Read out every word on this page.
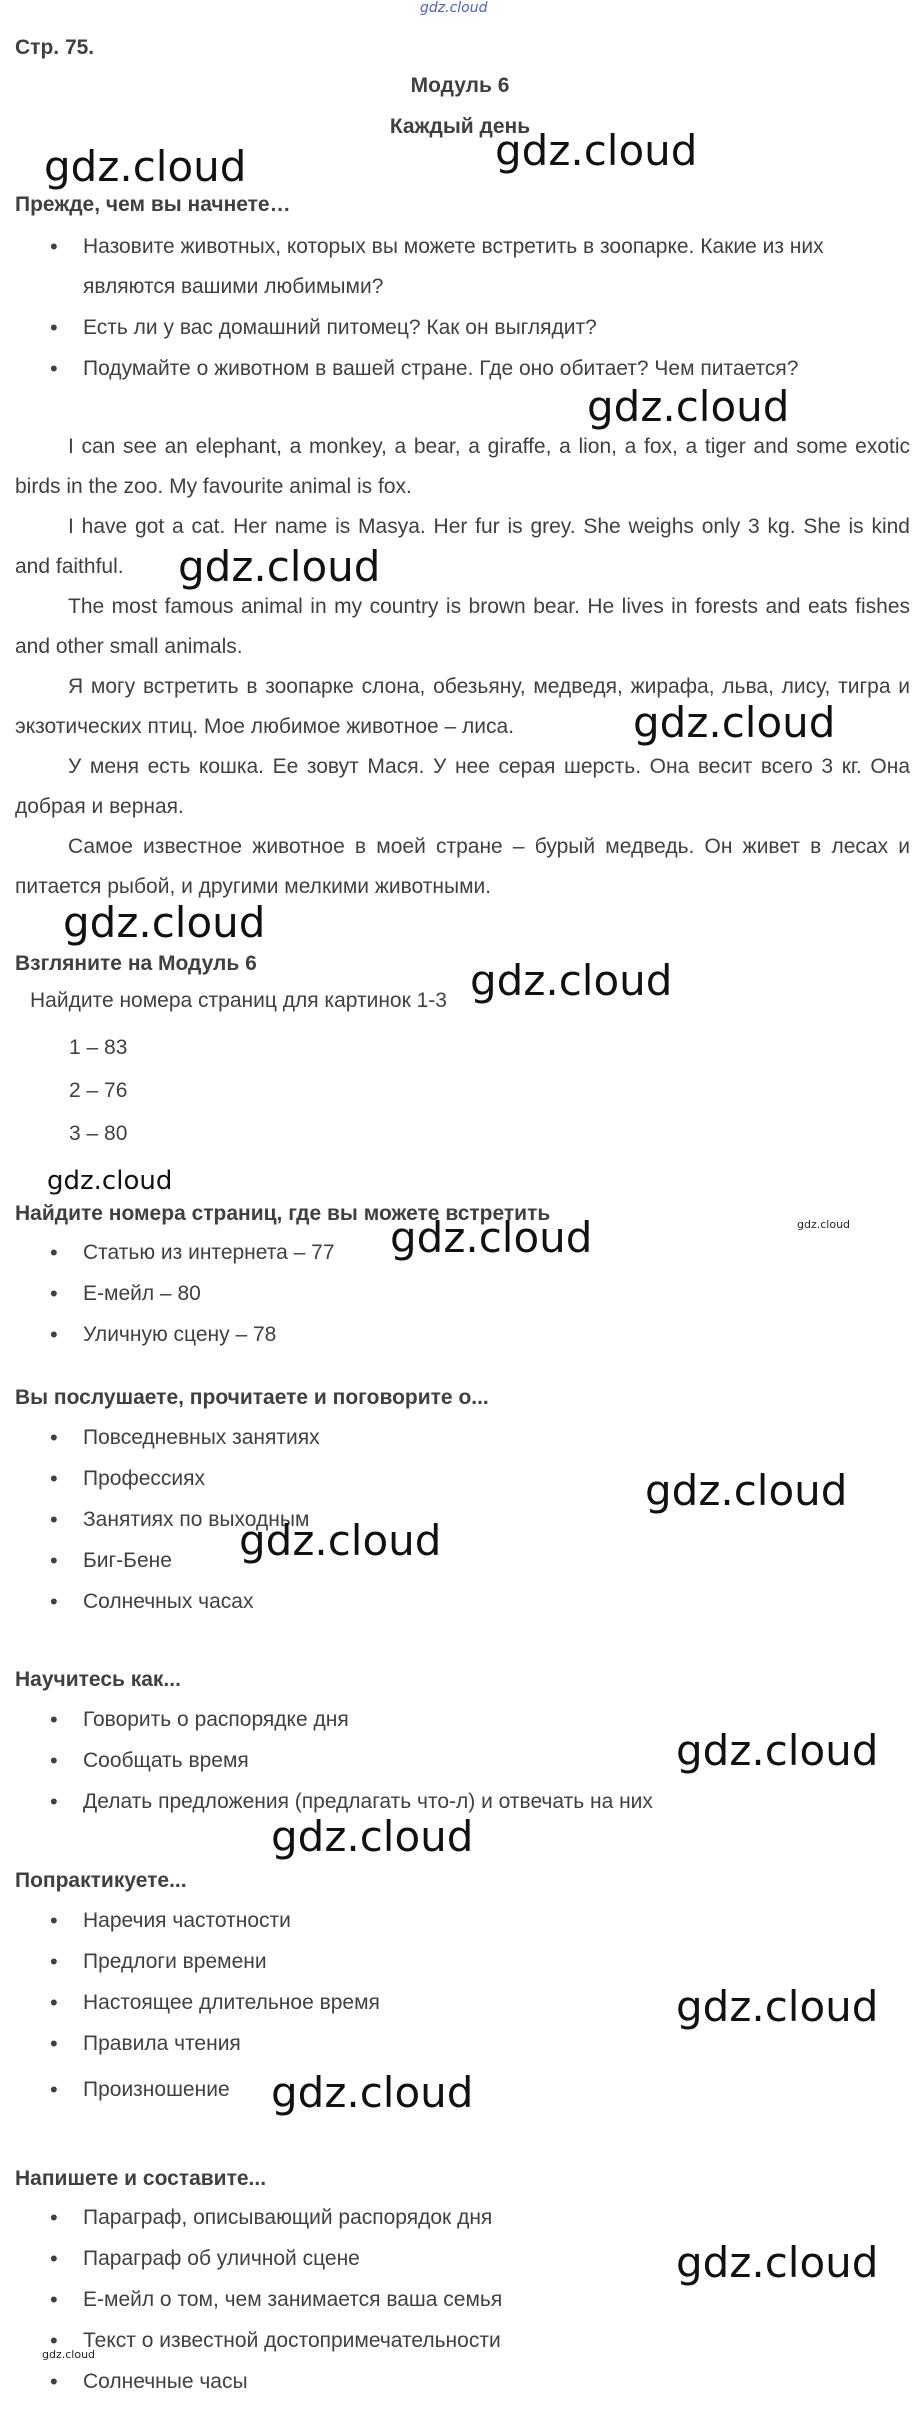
gdz.cloud
Стр. 75.
Модуль 6
Каждый день
Прежде, чем вы начнете…
•	Назовите животных, которых вы можете встретить в зоопарке. Какие из них
являются вашими любимыми?
•	Есть ли у вас домашний питомец? Как он выглядит?
•	Подумайте о животном в вашей стране. Где оно обитает? Чем питается?
I can see an elephant, a monkey, a bear, a giraffe, a lion, a fox, a tiger and some exotic birds in the zoo. My favourite animal is fox.
I have got a cat. Her name is Masya. Her fur is grey. She weighs only 3 kg. She is kind and faithful.
The most famous animal in my country is brown bear. He lives in forests and eats fishes and other small animals.
Я могу встретить в зоопарке слона, обезьяну, медведя, жирафа, льва, лису, тигра и экзотических птиц. Мое любимое животное – лиса.
У меня есть кошка. Ее зовут Мася. У нее серая шерсть. Она весит всего 3 кг. Она добрая и верная.
Самое известное животное в моей стране – бурый медведь. Он живет в лесах и питается рыбой, и другими мелкими животными.
Взгляните на Модуль 6
Найдите номера страниц для картинок 1-3
1 – 83
2 – 76
3 – 80
Найдите номера страниц, где вы можете встретить
•	Статью из интернета – 77
•	Е-мейл – 80
•	Уличную сцену – 78
Вы послушаете, прочитаете и поговорите о...
•	Повседневных занятиях
•	Профессиях
•	Занятиях по выходным
•	Биг-Бене
•	Солнечных часах
Научитесь как...
•	Говорить о распорядке дня
•	Сообщать время
•	Делать предложения (предлагать что-л) и отвечать на них
Попрактикуете...
•	Наречия частотности
•	Предлоги времени
•	Настоящее длительное время
•	Правила чтения
•	Произношение
Напишете и составите...
•	Параграф, описывающий распорядок дня
•	Параграф об уличной сцене
•	Е-мейл о том, чем занимается ваша семья
•	Текст о известной достопримечательности
•	Солнечные часы
gdz.cloud	gdz.cloud
gdz.cloud
gdz.cloud
gdz.cloud
gdz.cloud
gdz.cloud
gdz.cloud
gdz.cloud	gdz.cloud
gdz.cloud
gdz.cloud
gdz.cloud
gdz.cloud
gdz.cloud
gdz.cloud
gdz.cloud
gdz.cloud
